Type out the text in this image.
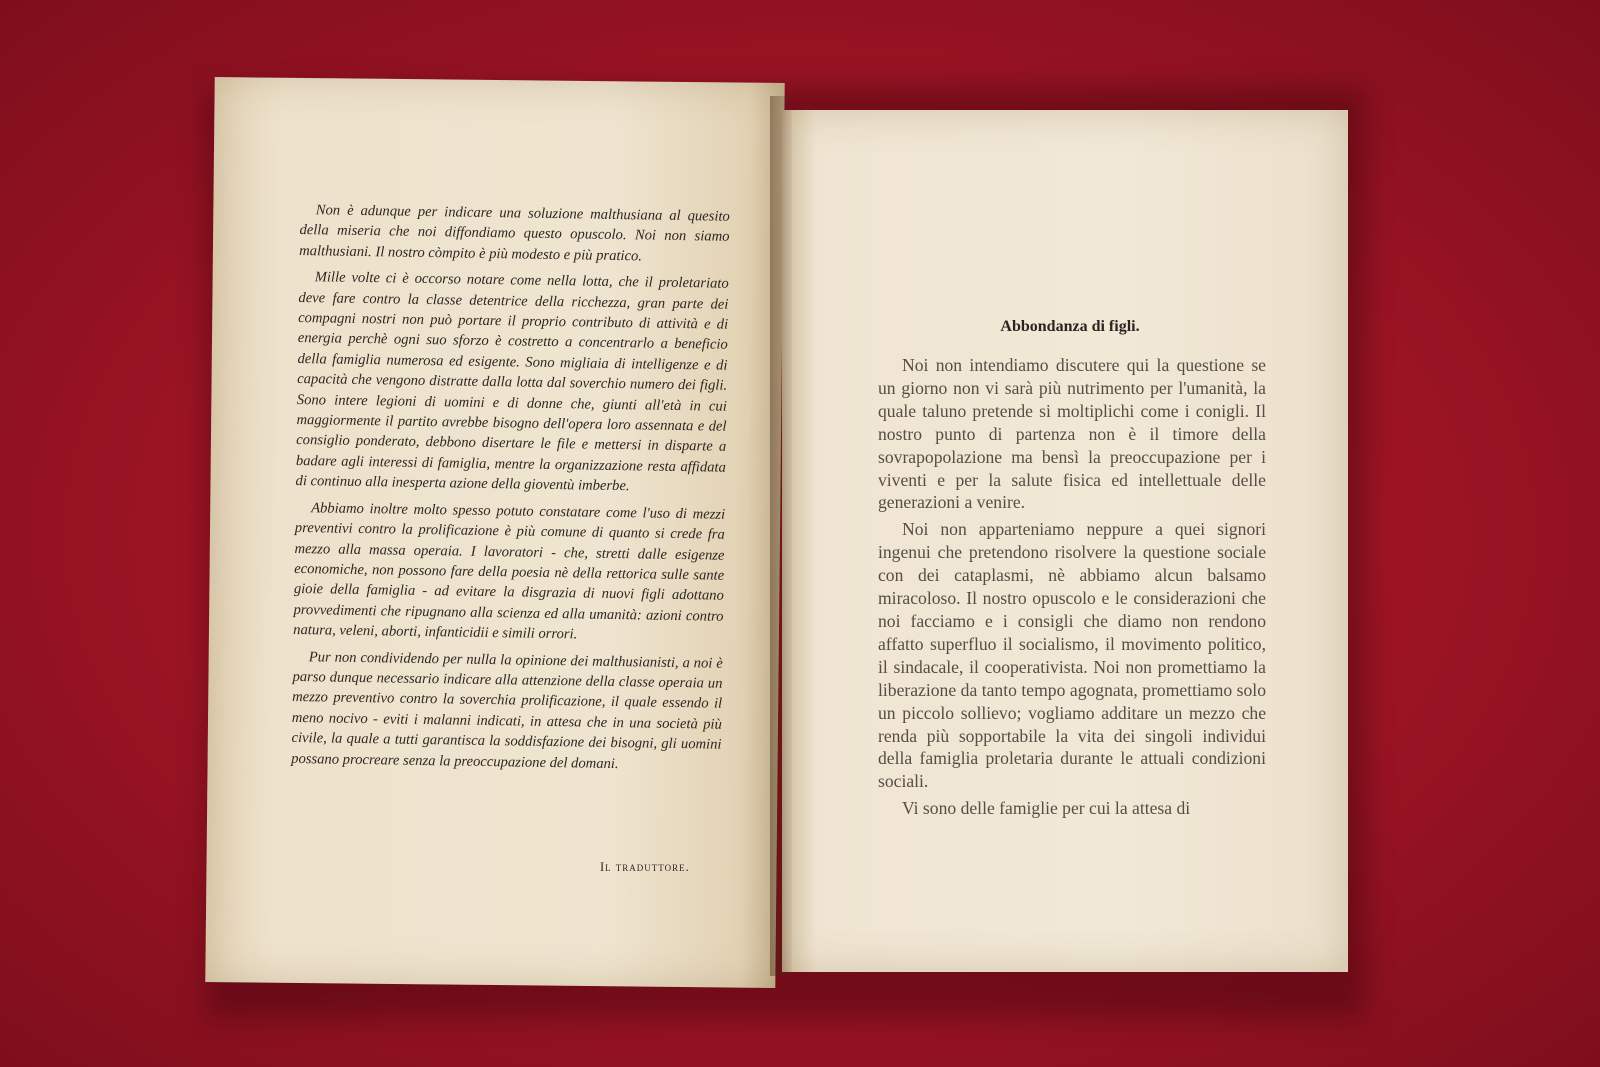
Non è adunque per indicare una soluzione malthusiana al quesito della miseria che noi diffondiamo questo opuscolo. Noi non siamo malthusiani. Il nostro còmpito è più modesto e più pratico.

Mille volte ci è occorso notare come nella lotta, che il proletariato deve fare contro la classe detentrice della ricchezza, gran parte dei compagni nostri non può portare il proprio contributo di attività e di energia perchè ogni suo sforzo è costretto a concentrarlo a beneficio della famiglia numerosa ed esigente. Sono migliaia di intelligenze e di capacità che vengono distratte dalla lotta dal soverchio numero dei figli. Sono intere legioni di uomini e di donne che, giunti all'età in cui maggiormente il partito avrebbe bisogno dell'opera loro assennata e del consiglio ponderato, debbono disertare le file e mettersi in disparte a badare agli interessi di famiglia, mentre la organizzazione resta affidata di continuo alla inesperta azione della gioventù imberbe.

Abbiamo inoltre molto spesso potuto constatare come l'uso di mezzi preventivi contro la prolificazione è più comune di quanto si crede fra mezzo alla massa operaia. I lavoratori - che, stretti dalle esigenze economiche, non possono fare della poesia nè della rettorica sulle sante gioie della famiglia - ad evitare la disgrazia di nuovi figli adottano provvedimenti che ripugnano alla scienza ed alla umanità: azioni contro natura, veleni, aborti, infanticidii e simili orrori.

Pur non condividendo per nulla la opinione dei malthusianisti, a noi è parso dunque necessario indicare alla attenzione della classe operaia un mezzo preventivo contro la soverchia prolificazione, il quale essendo il meno nocivo - eviti i malanni indicati, in attesa che in una società più civile, la quale a tutti garantisca la soddisfazione dei bisogni, gli uomini possano procreare senza la preoccupazione del domani.

Il traduttore.
Abbondanza di figli.

Noi non intendiamo discutere qui la questione se un giorno non vi sarà più nutrimento per l'umanità, la quale taluno pretende si moltiplichi come i conigli. Il nostro punto di partenza non è il timore della sovrapopolazione ma bensì la preoccupazione per i viventi e per la salute fisica ed intellettuale delle generazioni a venire.

Noi non apparteniamo neppure a quei signori ingenui che pretendono risolvere la questione sociale con dei cataplasmi, nè abbiamo alcun balsamo miracoloso. Il nostro opuscolo e le considerazioni che noi facciamo e i consigli che diamo non rendono affatto superfluo il socialismo, il movimento politico, il sindacale, il cooperativista. Noi non promettiamo la liberazione da tanto tempo agognata, promettiamo solo un piccolo sollievo; vogliamo additare un mezzo che renda più sopportabile la vita dei singoli individui della famiglia proletaria durante le attuali condizioni sociali.

Vi sono delle famiglie per cui la attesa di
